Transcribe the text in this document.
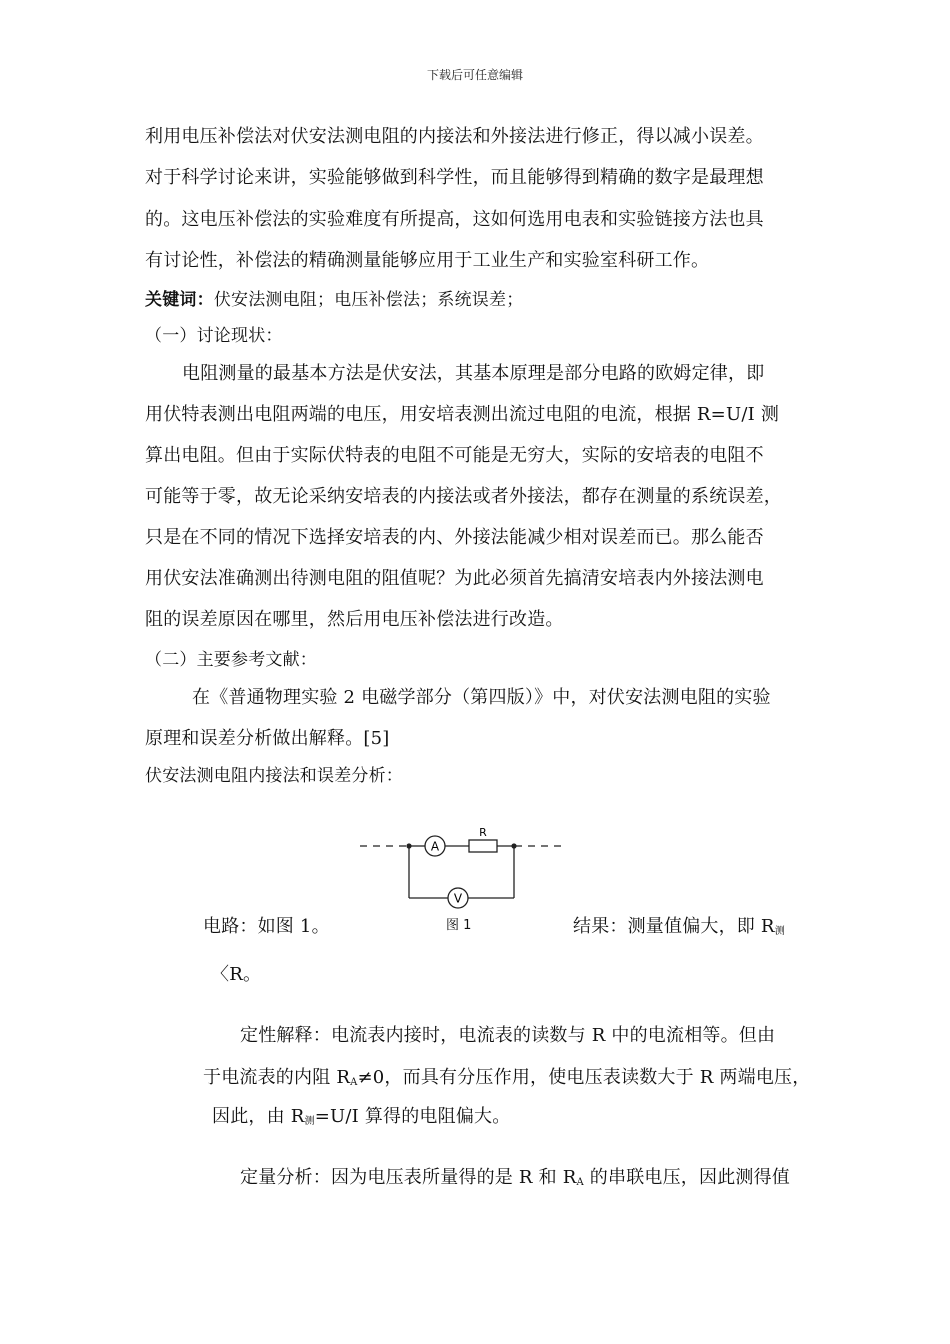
下载后可任意编辑
利用电压补偿法对伏安法测电阻的内接法和外接法进行修正，得以减小误差。
对于科学讨论来讲，实验能够做到科学性，而且能够得到精确的数字是最理想
的。这电压补偿法的实验难度有所提高，这如何选用电表和实验链接方法也具
有讨论性，补偿法的精确测量能够应用于工业生产和实验室科研工作。
关键词：伏安法测电阻；电压补偿法；系统误差；
（一）讨论现状：
电阻测量的最基本方法是伏安法，其基本原理是部分电路的欧姆定律，即
用伏特表测出电阻两端的电压，用安培表测出流过电阻的电流，根据 R=U/I 测
算出电阻。但由于实际伏特表的电阻不可能是无穷大，实际的安培表的电阻不
可能等于零，故无论采纳安培表的内接法或者外接法，都存在测量的系统误差，
只是在不同的情况下选择安培表的内、外接法能减少相对误差而已。那么能否
用伏安法准确测出待测电阻的阻值呢？为此必须首先搞清安培表内外接法测电
阻的误差原因在哪里，然后用电压补偿法进行改造。
（二）主要参考文献：
在《普通物理实验 2 电磁学部分（第四版）》中，对伏安法测电阻的实验
原理和误差分析做出解释。[5]
伏安法测电阻内接法和误差分析：
A
R
V
图 1
电路：如图 1。	结果：测量值偏大，即 $R_测$
〈R。
定性解释：电流表内接时，电流表的读数与 R 中的电流相等。但由
于电流表的内阻 $R_A\ne 0$，而具有分压作用，使电压表读数大于 R 两端电压，
因此，由 $R_测=U/I$ 算得的电阻偏大。
定量分析：因为电压表所量得的是 R 和 $R_A$ 的串联电压，因此测得值
